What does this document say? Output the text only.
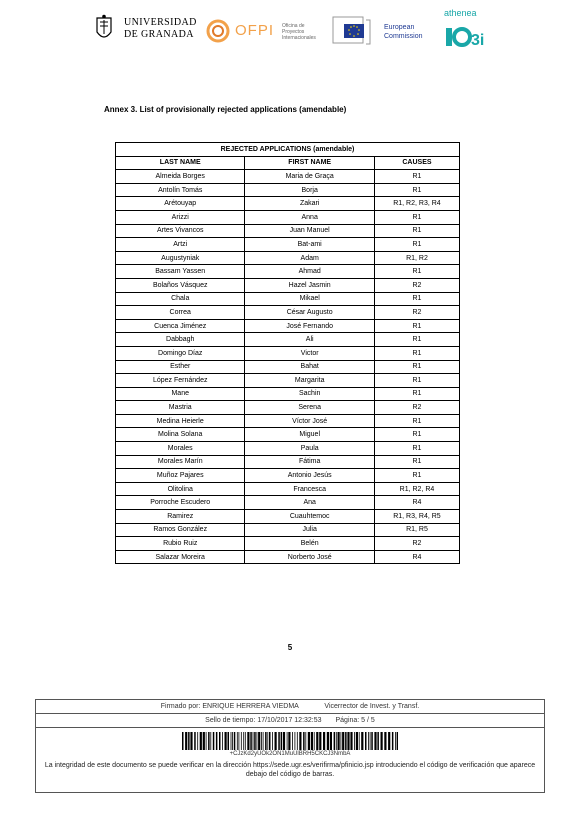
UNIVERSIDAD
DE GRANADA	OFPI Oficina de Proyectos Internacionales
European
Commission
athenea
3i
Annex 3. List of provisionally rejected applications (amendable)
REJECTED APPLICATIONS (amendable)		
LAST NAME	FIRST NAME	CAUSES
Almeida Borges	Maria de Graça	R1
Antolín Tomás	Borja	R1
Arétouyap	Zakari	R1, R2, R3, R4
Arizzi	Anna	R1
Artes Vivancos	Juan Manuel	R1
Artzi	Bat-ami	R1
Augustyniak	Adam	R1, R2
Bassam Yassen	Ahmad	R1
Bolaños Vásquez	Hazel Jasmin	R2
Chala	Mikael	R1
Correa	César Augusto	R2
Cuenca Jiménez	José Fernando	R1
Dabbagh	Ali	R1
Domingo Díaz	Victor	R1
Esther	Bahat	R1
López Fernández	Margarita	R1
Mane	Sachin	R1
Mastria	Serena	R2
Medina Heierle	Víctor José	R1
Molina Solana	Miguel	R1
Morales	Paula	R1
Morales Marín	Fátima	R1
Muñoz Pajares	Antonio Jesús	R1
Olitolina	Francesca	R1, R2, R4
Porroche Escudero	Ana	R4
Ramirez	Cuauhtemoc	R1, R3, R4, R5
Ramos González	Julia	R1, R5
Rubio Ruiz	Belén	R2
Salazar Moreira	Norberto José	R4
5
Firmado por: ENRIQUE HERRERA VIEDMA	Vicerrector de Invest. y Transf.
Sello de tiempo: 17/10/2017 12:32:53 Página: 5 / 5
+CJzKd2yUOk2ON1MuUlBRH5CKCJ3NmbA
La integridad de este documento se puede verificar en la dirección https://sede.ugr.es/verifirma/pfinicio.jsp introduciendo el código de verificación que aparece debajo del código de barras.
